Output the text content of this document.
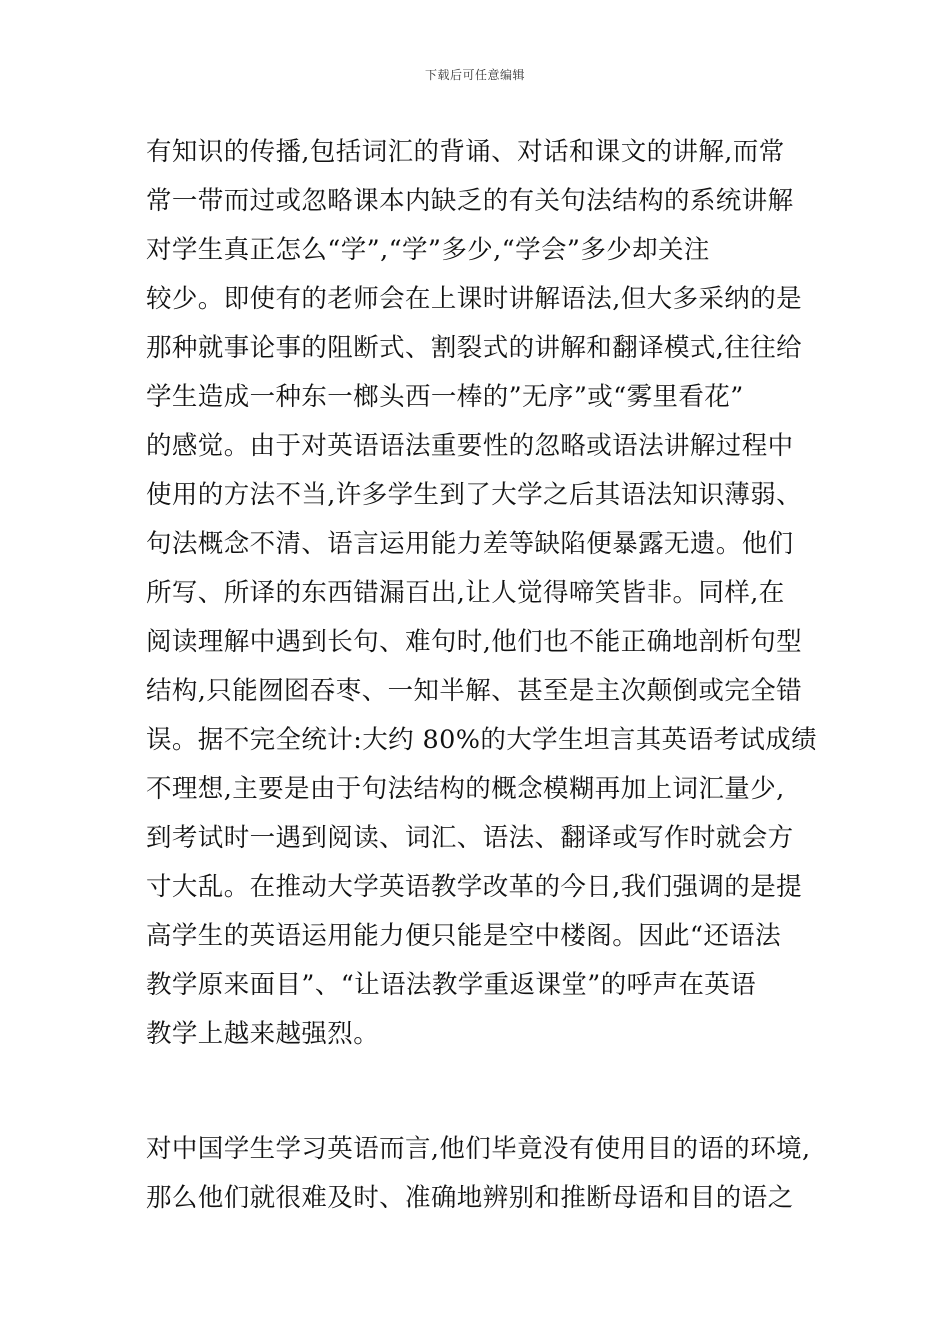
下载后可任意编辑
有知识的传播,包括词汇的背诵、对话和课文的讲解,而常
常一带而过或忽略课本内缺乏的有关句法结构的系统讲解
对学生真正怎么“学”,“学”多少,“学会”多少却关注
较少。即使有的老师会在上课时讲解语法,但大多采纳的是
那种就事论事的阻断式、割裂式的讲解和翻译模式,往往给
学生造成一种东一榔头西一棒的”无序”或“雾里看花”
的感觉。由于对英语语法重要性的忽略或语法讲解过程中
使用的方法不当,许多学生到了大学之后其语法知识薄弱、
句法概念不清、语言运用能力差等缺陷便暴露无遗。他们
所写、所译的东西错漏百出,让人觉得啼笑皆非。同样,在
阅读理解中遇到长句、难句时,他们也不能正确地剖析句型
结构,只能囫囵吞枣、一知半解、甚至是主次颠倒或完全错
误。据不完全统计:大约 80%的大学生坦言其英语考试成绩
不理想,主要是由于句法结构的概念模糊再加上词汇量少,
到考试时一遇到阅读、词汇、语法、翻译或写作时就会方
寸大乱。在推动大学英语教学改革的今日,我们强调的是提
高学生的英语运用能力便只能是空中楼阁。因此“还语法
教学原来面目”、“让语法教学重返课堂”的呼声在英语
教学上越来越强烈。
对中国学生学习英语而言,他们毕竟没有使用目的语的环境,
那么他们就很难及时、准确地辨别和推断母语和目的语之
